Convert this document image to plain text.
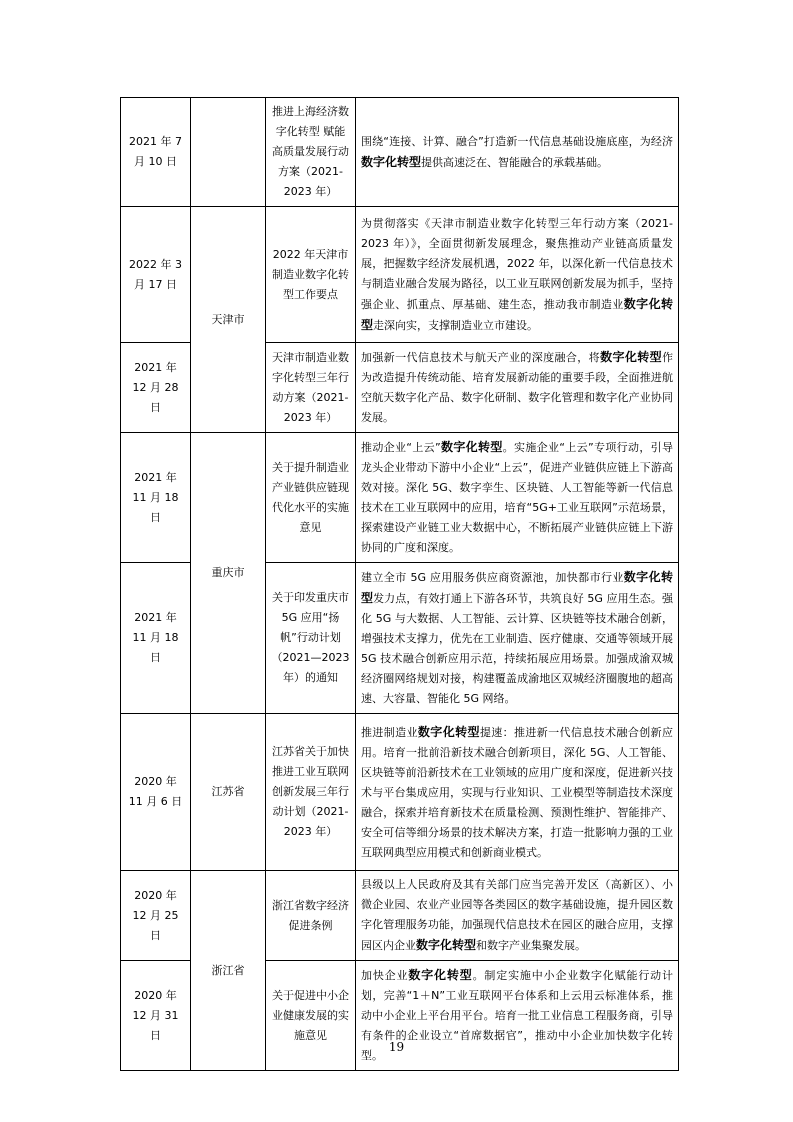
2021 年 7 月 10 日		推进上海经济数字化转型 赋能高质量发展行动方案（2021-2023 年）	围绕“连接、计算、融合”打造新一代信息基础设施底座，为经济数字化转型提供高速泛在、智能融合的承载基础。
2022 年 3 月 17 日	天津市	2022 年天津市制造业数字化转型工作要点	为贯彻落实《天津市制造业数字化转型三年行动方案（2021-2023 年）》，全面贯彻新发展理念，聚焦推动产业链高质量发展，把握数字经济发展机遇，2022 年，以深化新一代信息技术与制造业融合发展为路径，以工业互联网创新发展为抓手，坚持强企业、抓重点、厚基础、建生态，推动我市制造业数字化转型走深向实，支撑制造业立市建设。
2021 年 12 月 28 日		天津市制造业数字化转型三年行动方案（2021-2023 年）	加强新一代信息技术与航天产业的深度融合，将数字化转型作为改造提升传统动能、培育发展新动能的重要手段，全面推进航空航天数字化产品、数字化研制、数字化管理和数字化产业协同发展。
2021 年 11 月 18 日	重庆市	关于提升制造业产业链供应链现代化水平的实施意见	推动企业“上云”数字化转型。实施企业“上云”专项行动，引导龙头企业带动下游中小企业“上云”，促进产业链供应链上下游高效对接。深化 5G、数字孪生、区块链、人工智能等新一代信息技术在工业互联网中的应用，培育“5G+工业互联网”示范场景，探索建设产业链工业大数据中心，不断拓展产业链供应链上下游协同的广度和深度。
2021 年 11 月 18 日		关于印发重庆市 5G 应用“扬帆”行动计划 （2021—2023 年）的通知	建立全市 5G 应用服务供应商资源池，加快都市行业数字化转型发力点，有效打通上下游各环节，共筑良好 5G 应用生态。强化 5G 与大数据、人工智能、云计算、区块链等技术融合创新，增强技术支撑力，优先在工业制造、医疗健康、交通等领域开展 5G 技术融合创新应用示范，持续拓展应用场景。加强成渝双城经济圈网络规划对接，构建覆盖成渝地区双城经济圈腹地的超高速、大容量、智能化 5G 网络。
2020 年 11 月 6 日	江苏省	江苏省关于加快推进工业互联网创新发展三年行动计划（2021-2023 年）	推进制造业数字化转型提速：推进新一代信息技术融合创新应用。培育一批前沿新技术融合创新项目，深化 5G、人工智能、区块链等前沿新技术在工业领域的应用广度和深度，促进新兴技术与平台集成应用，实现与行业知识、工业模型等制造技术深度融合，探索并培育新技术在质量检测、预测性维护、智能排产、安全可信等细分场景的技术解决方案，打造一批影响力强的工业互联网典型应用模式和创新商业模式。
2020 年 12 月 25 日	浙江省	浙江省数字经济促进条例	县级以上人民政府及其有关部门应当完善开发区（高新区）、小微企业园、农业产业园等各类园区的数字基础设施，提升园区数字化管理服务功能，加强现代信息技术在园区的融合应用，支撑园区内企业数字化转型和数字产业集聚发展。
2020 年 12 月 31 日		关于促进中小企业健康发展的实施意见	加快企业数字化转型。制定实施中小企业数字化赋能行动计划，完善“1＋N”工业互联网平台体系和上云用云标准体系，推动中小企业上平台用平台。培育一批工业信息工程服务商，引导有条件的企业设立“首席数据官”，推动中小企业加快数字化转型。
19
